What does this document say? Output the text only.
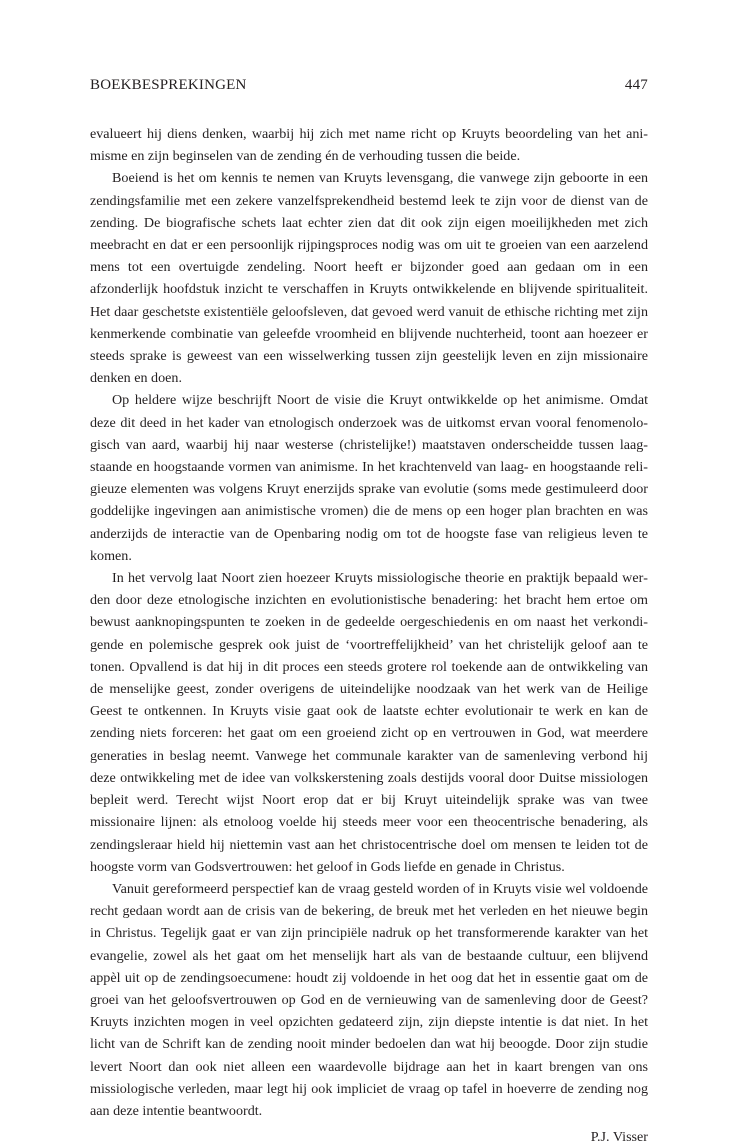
BOEKBESPREKINGEN	447

evalueert hij diens denken, waarbij hij zich met name richt op Kruyts beoordeling van het animisme en zijn beginselen van de zending én de verhouding tussen die beide.

Boeiend is het om kennis te nemen van Kruyts levensgang, die vanwege zijn geboorte in een zendingsfamilie met een zekere vanzelfsprekendheid bestemd leek te zijn voor de dienst van de zending. De biografische schets laat echter zien dat dit ook zijn eigen moeilijkheden met zich meebracht en dat er een persoonlijk rijpingsproces nodig was om uit te groeien van een aarzelend mens tot een overtuigde zendeling. Noort heeft er bijzonder goed aan gedaan om in een afzonderlijk hoofdstuk inzicht te verschaffen in Kruyts ontwikkelende en blijvende spiritualiteit. Het daar geschetste existentiële geloofsleven, dat gevoed werd vanuit de ethische richting met zijn kenmerkende combinatie van geleefde vroomheid en blijvende nuchterheid, toont aan hoezeer er steeds sprake is geweest van een wisselwerking tussen zijn geestelijk leven en zijn missionaire denken en doen.

Op heldere wijze beschrijft Noort de visie die Kruyt ontwikkelde op het animisme. Omdat deze dit deed in het kader van etnologisch onderzoek was de uitkomst ervan vooral fenomenologisch van aard, waarbij hij naar westerse (christelijke!) maatstaven onderscheidde tussen laagstaande en hoogstaande vormen van animisme. In het krachtenveld van laag- en hoogstaande religieuze elementen was volgens Kruyt enerzijds sprake van evolutie (soms mede gestimuleerd door goddelijke ingevingen aan animistische vromen) die de mens op een hoger plan brachten en was anderzijds de interactie van de Openbaring nodig om tot de hoogste fase van religieus leven te komen.

In het vervolg laat Noort zien hoezeer Kruyts missiologische theorie en praktijk bepaald werden door deze etnologische inzichten en evolutionistische benadering: het bracht hem ertoe om bewust aanknopingspunten te zoeken in de gedeelde oergeschiedenis en om naast het verkondigende en polemische gesprek ook juist de ‘voortreffelijkheid’ van het christelijk geloof aan te tonen. Opvallend is dat hij in dit proces een steeds grotere rol toekende aan de ontwikkeling van de menselijke geest, zonder overigens de uiteindelijke noodzaak van het werk van de Heilige Geest te ontkennen. In Kruyts visie gaat ook de laatste echter evolutionair te werk en kan de zending niets forceren: het gaat om een groeiend zicht op en vertrouwen in God, wat meerdere generaties in beslag neemt. Vanwege het communale karakter van de samenleving verbond hij deze ontwikkeling met de idee van volkskerstening zoals destijds vooral door Duitse missiologen bepleit werd. Terecht wijst Noort erop dat er bij Kruyt uiteindelijk sprake was van twee missionaire lijnen: als etnoloog voelde hij steeds meer voor een theocentrische benadering, als zendingsleraar hield hij niettemin vast aan het christocentrische doel om mensen te leiden tot de hoogste vorm van Godsvertrouwen: het geloof in Gods liefde en genade in Christus.

Vanuit gereformeerd perspectief kan de vraag gesteld worden of in Kruyts visie wel voldoende recht gedaan wordt aan de crisis van de bekering, de breuk met het verleden en het nieuwe begin in Christus. Tegelijk gaat er van zijn principiële nadruk op het transformerende karakter van het evangelie, zowel als het gaat om het menselijk hart als van de bestaande cultuur, een blijvend appèl uit op de zendingsoecumene: houdt zij voldoende in het oog dat het in essentie gaat om de groei van het geloofsvertrouwen op God en de vernieuwing van de samenleving door de Geest? Kruyts inzichten mogen in veel opzichten gedateerd zijn, zijn diepste intentie is dat niet. In het licht van de Schrift kan de zending nooit minder bedoelen dan wat hij beoogde. Door zijn studie levert Noort dan ook niet alleen een waardevolle bijdrage aan het in kaart brengen van ons missiologische verleden, maar legt hij ook impliciet de vraag op tafel in hoeverre de zending nog aan deze intentie beantwoordt.

P.J. Visser
